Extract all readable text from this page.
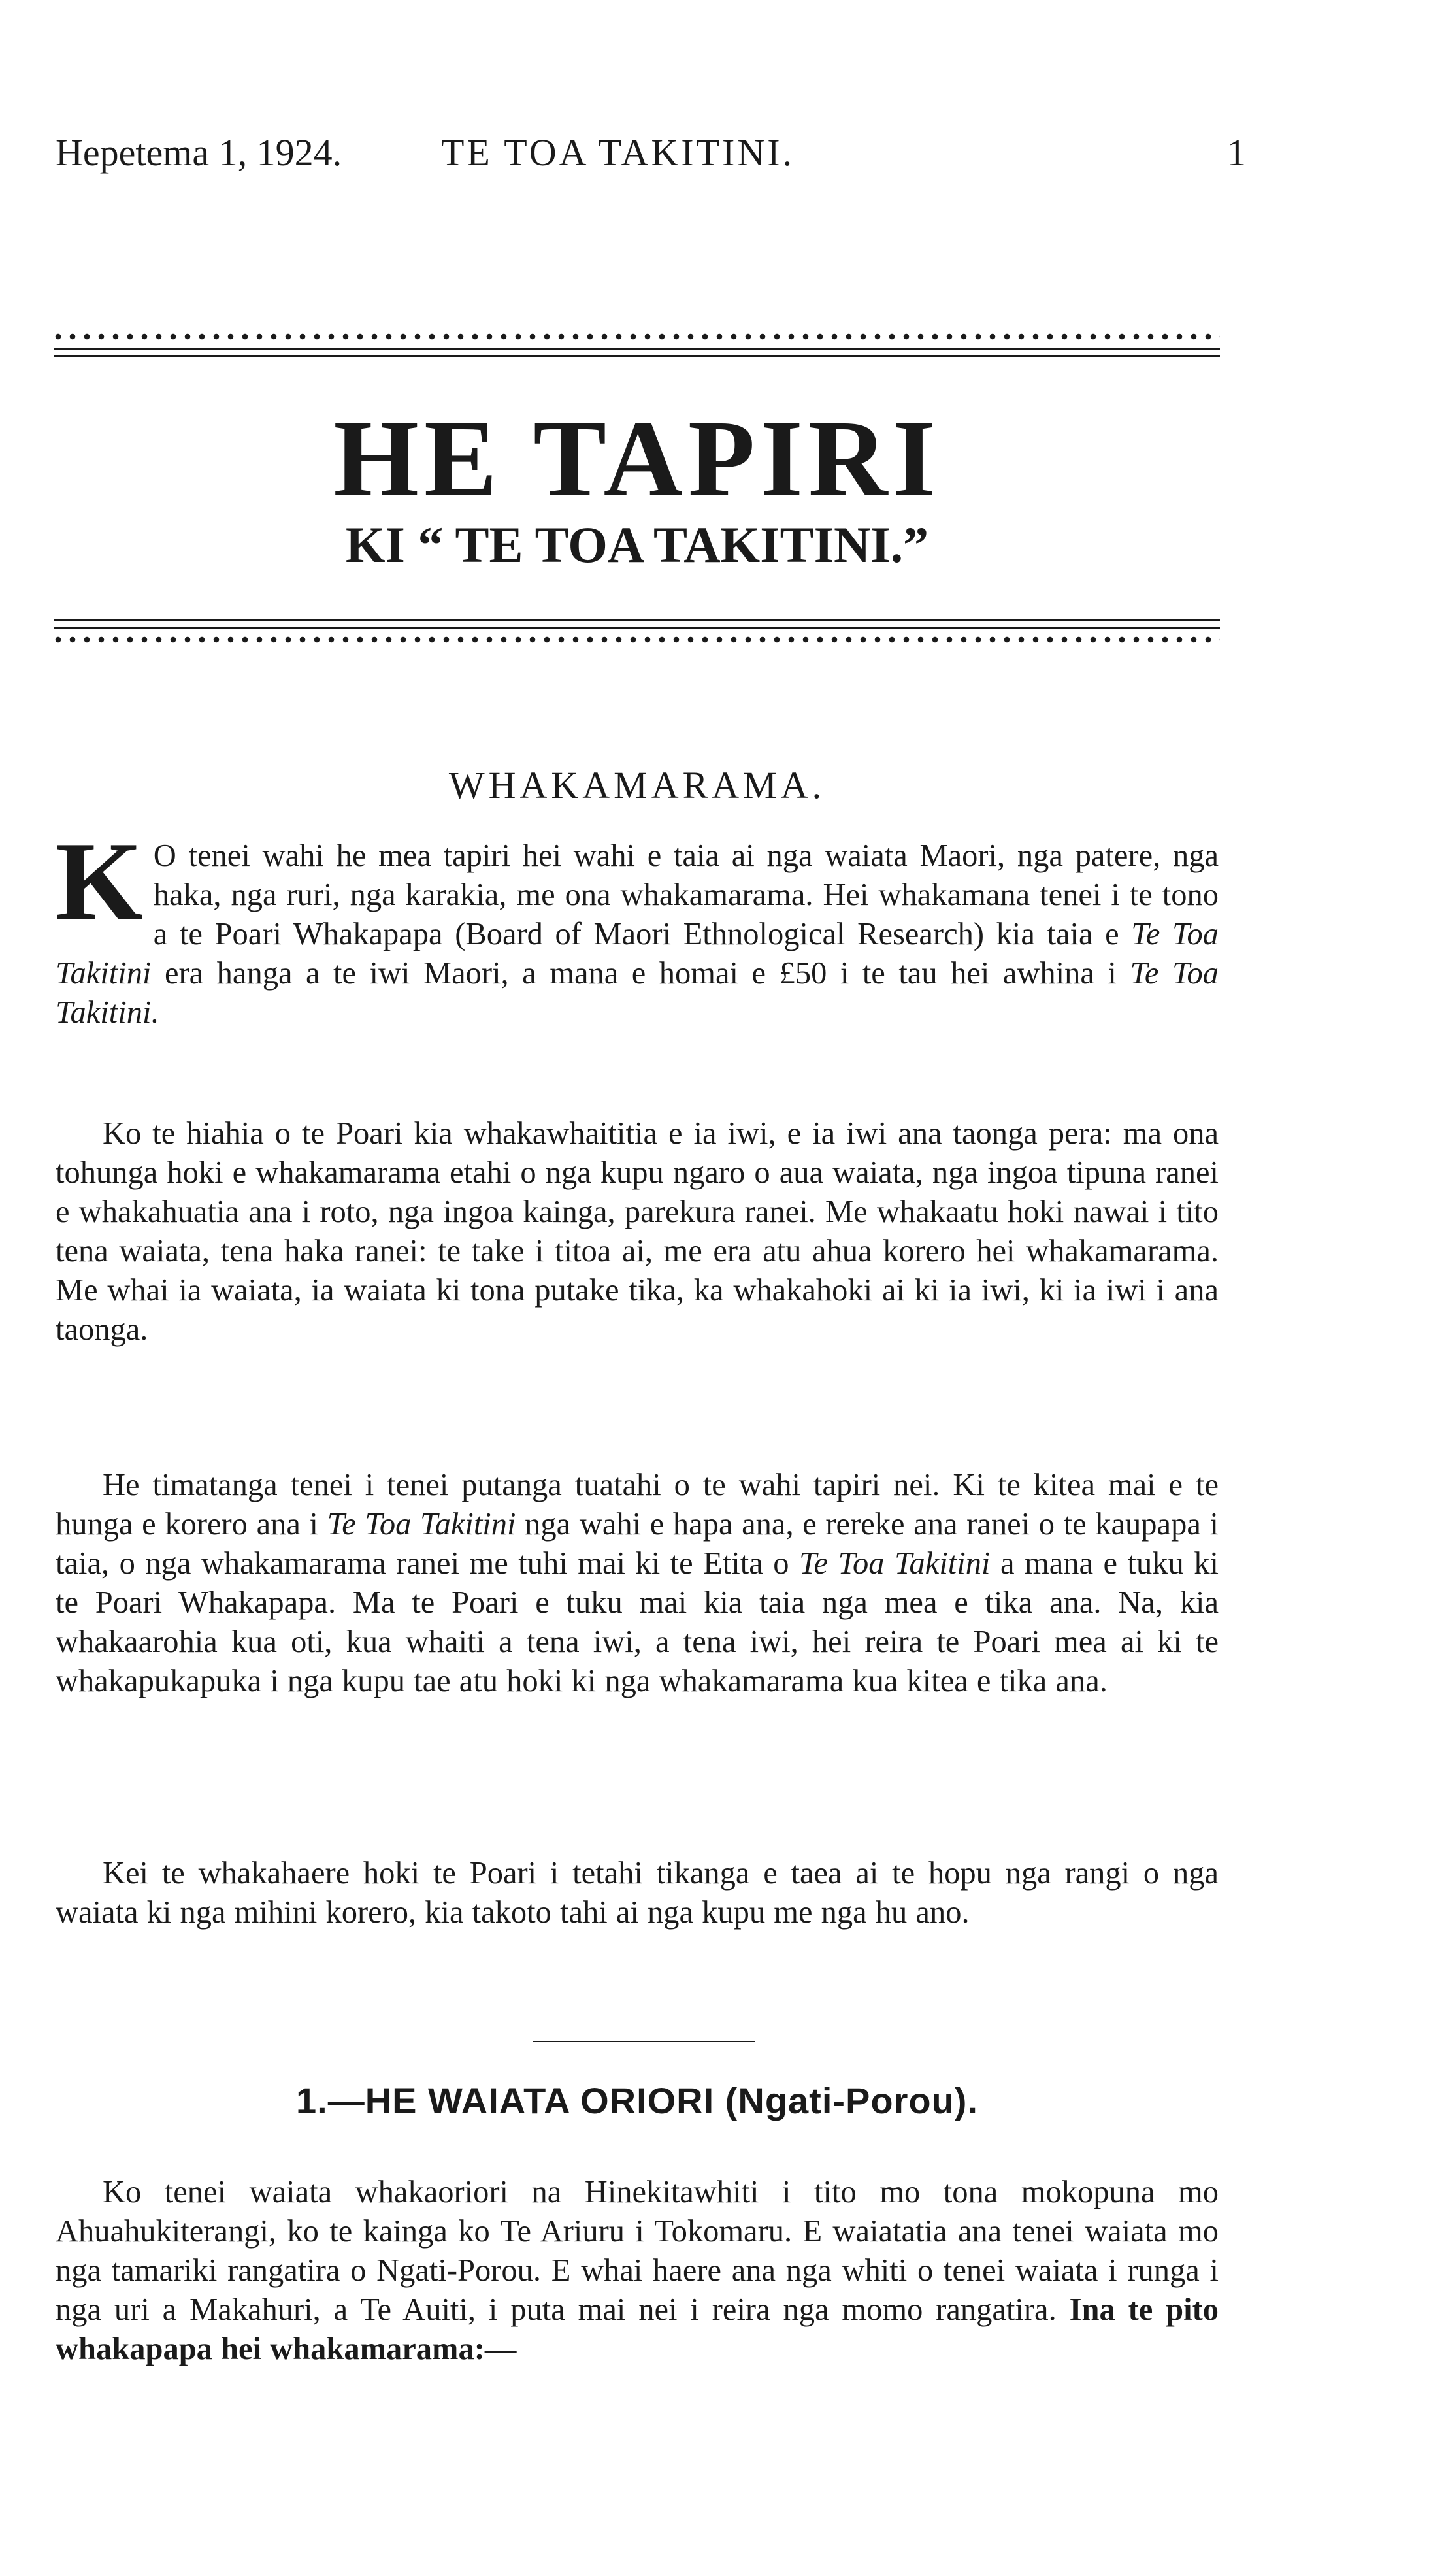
Hepetema 1, 1924.	TE TOA TAKITINI.	1
HE TAPIRI
KI “ TE TOA TAKITINI.”
WHAKAMARAMA.
K O tenei wahi he mea tapiri hei wahi e taia ai nga waiata Maori, nga patere, nga haka, nga ruri, nga karakia, me ona whakamarama. Hei whakamana tenei i te tono a te Poari Whakapapa (Board of Maori Ethnological Research) kia taia e Te Toa Takitini era hanga a te iwi Maori, a mana e homai e £50 i te tau hei awhina i Te Toa Takitini.
Ko te hiahia o te Poari kia whakawhaititia e ia iwi, e ia iwi ana taonga pera: ma ona tohunga hoki e whakamarama etahi o nga kupu ngaro o aua waiata, nga ingoa tipuna ranei e whakahuatia ana i roto, nga ingoa kainga, parekura ranei. Me whakaatu hoki nawai i tito tena waiata, tena haka ranei: te take i titoa ai, me era atu ahua korero hei whakamarama. Me whai ia waiata, ia waiata ki tona putake tika, ka whakahoki ai ki ia iwi, ki ia iwi i ana taonga.
He timatanga tenei i tenei putanga tuatahi o te wahi tapiri nei. Ki te kitea mai e te hunga e korero ana i Te Toa Takitini nga wahi e hapa ana, e rereke ana ranei o te kaupapa i taia, o nga whakamarama ranei me tuhi mai ki te Etita o Te Toa Takitini a mana e tuku ki te Poari Whakapapa. Ma te Poari e tuku mai kia taia nga mea e tika ana. Na, kia whakaarohia kua oti, kua whaiti a tena iwi, a tena iwi, hei reira te Poari mea ai ki te whakapukapuka i nga kupu tae atu hoki ki nga whakamarama kua kitea e tika ana.
Kei te whakahaere hoki te Poari i tetahi tikanga e taea ai te hopu nga rangi o nga waiata ki nga mihini korero, kia takoto tahi ai nga kupu me nga hu ano.
1.—HE WAIATA ORIORI (Ngati-Porou).
Ko tenei waiata whakaoriori na Hinekitawhiti i tito mo tona mokopuna mo Ahuahukiterangi, ko te kainga ko Te Ariuru i Tokomaru. E waiatatia ana tenei waiata mo nga tamariki rangatira o Ngati-Porou. E whai haere ana nga whiti o tenei waiata i runga i nga uri a Makahuri, a Te Auiti, i puta mai nei i reira nga momo rangatira. Ina te pito whakapapa hei whakamarama:—
